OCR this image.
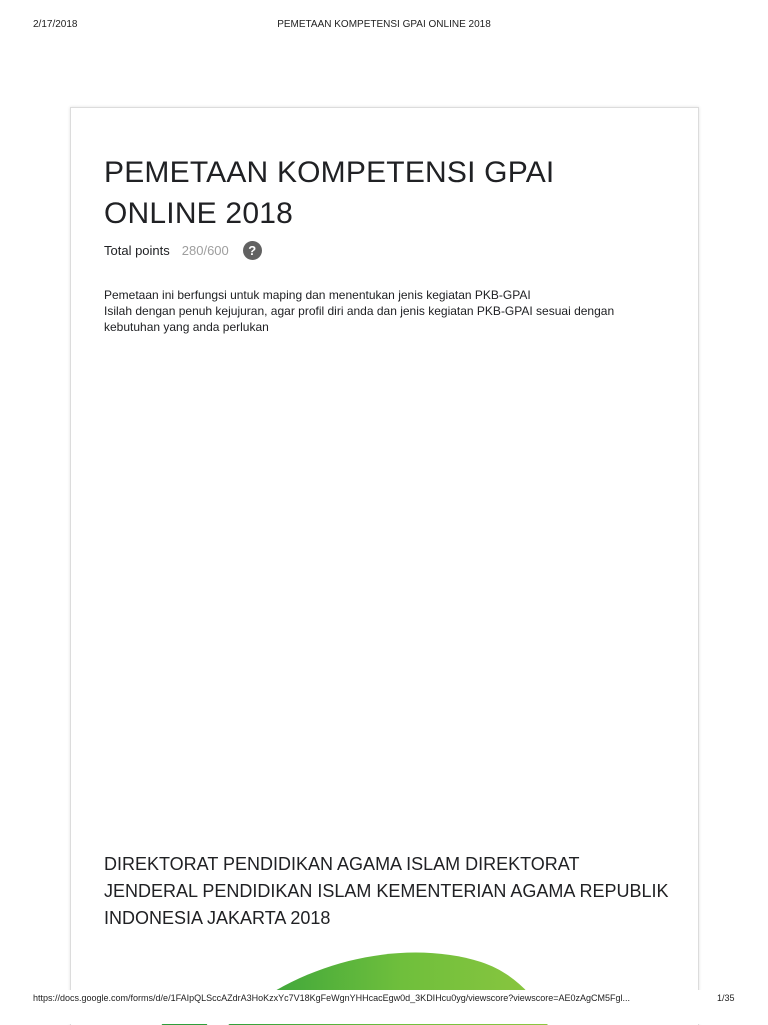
2/17/2018	PEMETAAN KOMPETENSI GPAI ONLINE 2018
PEMETAAN KOMPETENSI GPAI ONLINE 2018
Total points 280/600	?

Pemetaan ini berfungsi untuk maping dan menentukan jenis kegiatan PKB-GPAI

Isilah dengan penuh kejujuran, agar profil diri anda dan jenis kegiatan PKB-GPAI sesuai dengan kebutuhan yang anda perlukan

DIREKTORAT PENDIDIKAN AGAMA ISLAM DIREKTORAT JENDERAL PENDIDIKAN ISLAM KEMENTERIAN AGAMA REPUBLIK INDONESIA JAKARTA 2018
https://docs.google.com/forms/d/e/1FAIpQLSccAZdrA3HoKzxYc7V18KgFeWgnYHHcacEgw0d_3KDIHcu0yg/viewscore?viewscore=AE0zAgCM5Fgl...	1/35
